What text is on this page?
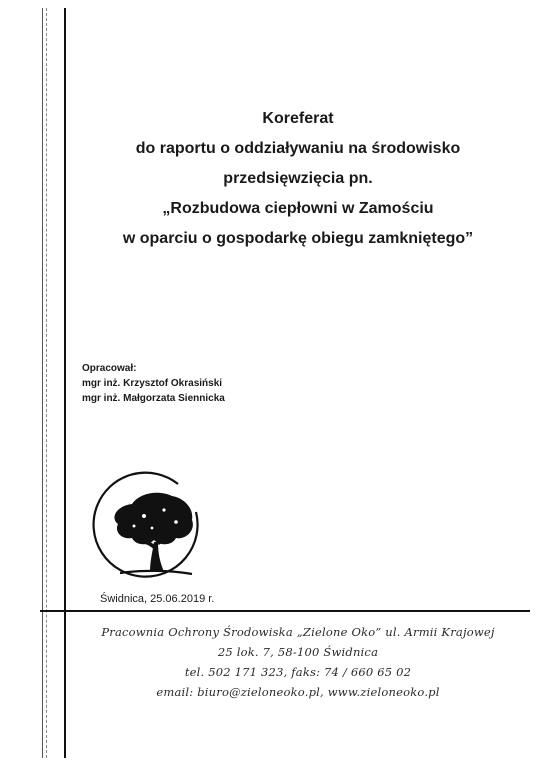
Koreferat
do raportu o oddziaływaniu na środowisko
przedsięwzięcia pn.
„Rozbudowa ciepłowni w Zamościu
w oparciu o gospodarkę obiegu zamkniętego”
Opracował:
mgr inż. Krzysztof Okrasiński
mgr inż. Małgorzata Siennicka
Świdnica, 25.06.2019 r.
Pracownia Ochrony Środowiska „Zielone Oko” ul. Armii Krajowej
25 lok. 7, 58-100 Świdnica
tel. 502 171 323, faks: 74 / 660 65 02
email: biuro@zieloneoko.pl, www.zieloneoko.pl
